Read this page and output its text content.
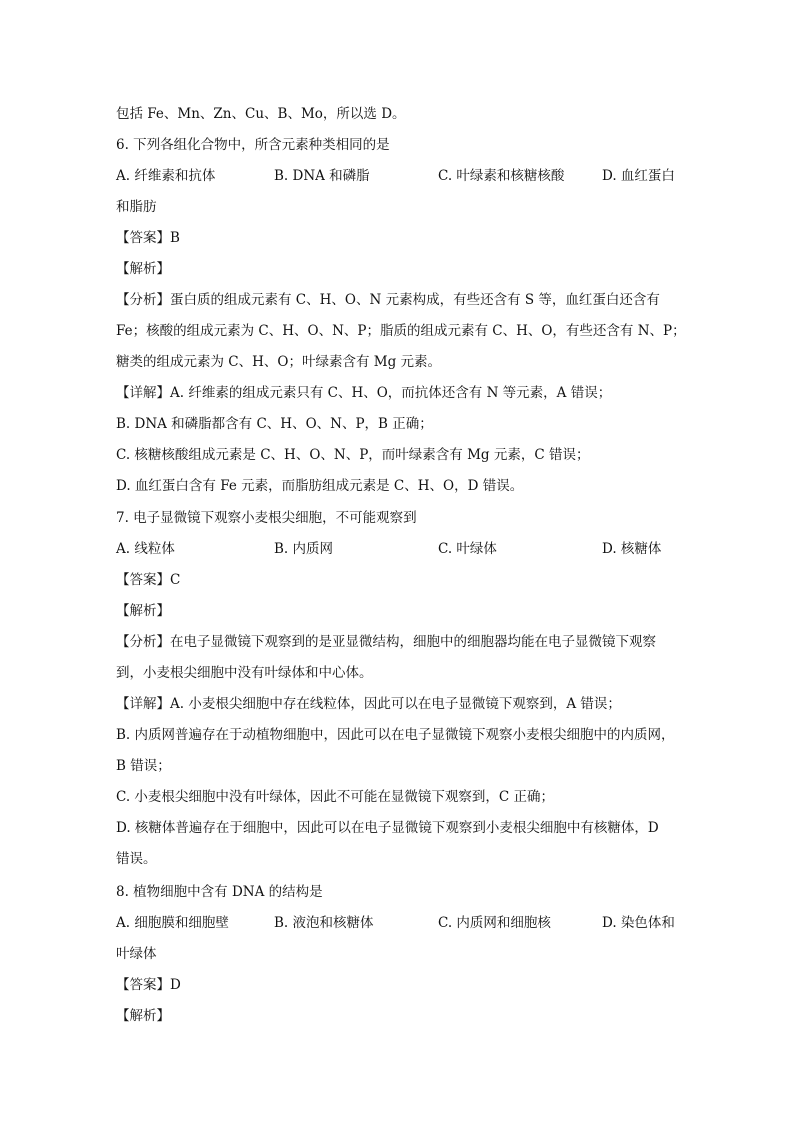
包括 Fe、Mn、Zn、Cu、B、Mo，所以选 D。
6. 下列各组化合物中，所含元素种类相同的是
A. 纤维素和抗体	B. DNA 和磷脂	C. 叶绿素和核糖核酸	D. 血红蛋白
和脂肪
【答案】B
【解析】
【分析】蛋白质的组成元素有 C、H、O、N 元素构成，有些还含有 S 等，血红蛋白还含有
Fe；核酸的组成元素为 C、H、O、N、P；脂质的组成元素有 C、H、O，有些还含有 N、P；
糖类的组成元素为 C、H、O；叶绿素含有 Mg 元素。
【详解】A. 纤维素的组成元素只有 C、H、O，而抗体还含有 N 等元素，A 错误；
B. DNA 和磷脂都含有 C、H、O、N、P，B 正确；
C. 核糖核酸组成元素是 C、H、O、N、P，而叶绿素含有 Mg 元素，C 错误；
D. 血红蛋白含有 Fe 元素，而脂肪组成元素是 C、H、O，D 错误。
7. 电子显微镜下观察小麦根尖细胞，不可能观察到
A. 线粒体	B. 内质网	C. 叶绿体	D. 核糖体
【答案】C
【解析】
【分析】在电子显微镜下观察到的是亚显微结构，细胞中的细胞器均能在电子显微镜下观察
到，小麦根尖细胞中没有叶绿体和中心体。
【详解】A. 小麦根尖细胞中存在线粒体，因此可以在电子显微镜下观察到，A 错误；
B. 内质网普遍存在于动植物细胞中，因此可以在电子显微镜下观察小麦根尖细胞中的内质网，
B 错误；
C. 小麦根尖细胞中没有叶绿体，因此不可能在显微镜下观察到，C 正确；
D. 核糖体普遍存在于细胞中，因此可以在电子显微镜下观察到小麦根尖细胞中有核糖体，D
错误。
8. 植物细胞中含有 DNA 的结构是
A. 细胞膜和细胞壁	B. 液泡和核糖体	C. 内质网和细胞核	D. 染色体和
叶绿体
【答案】D
【解析】
